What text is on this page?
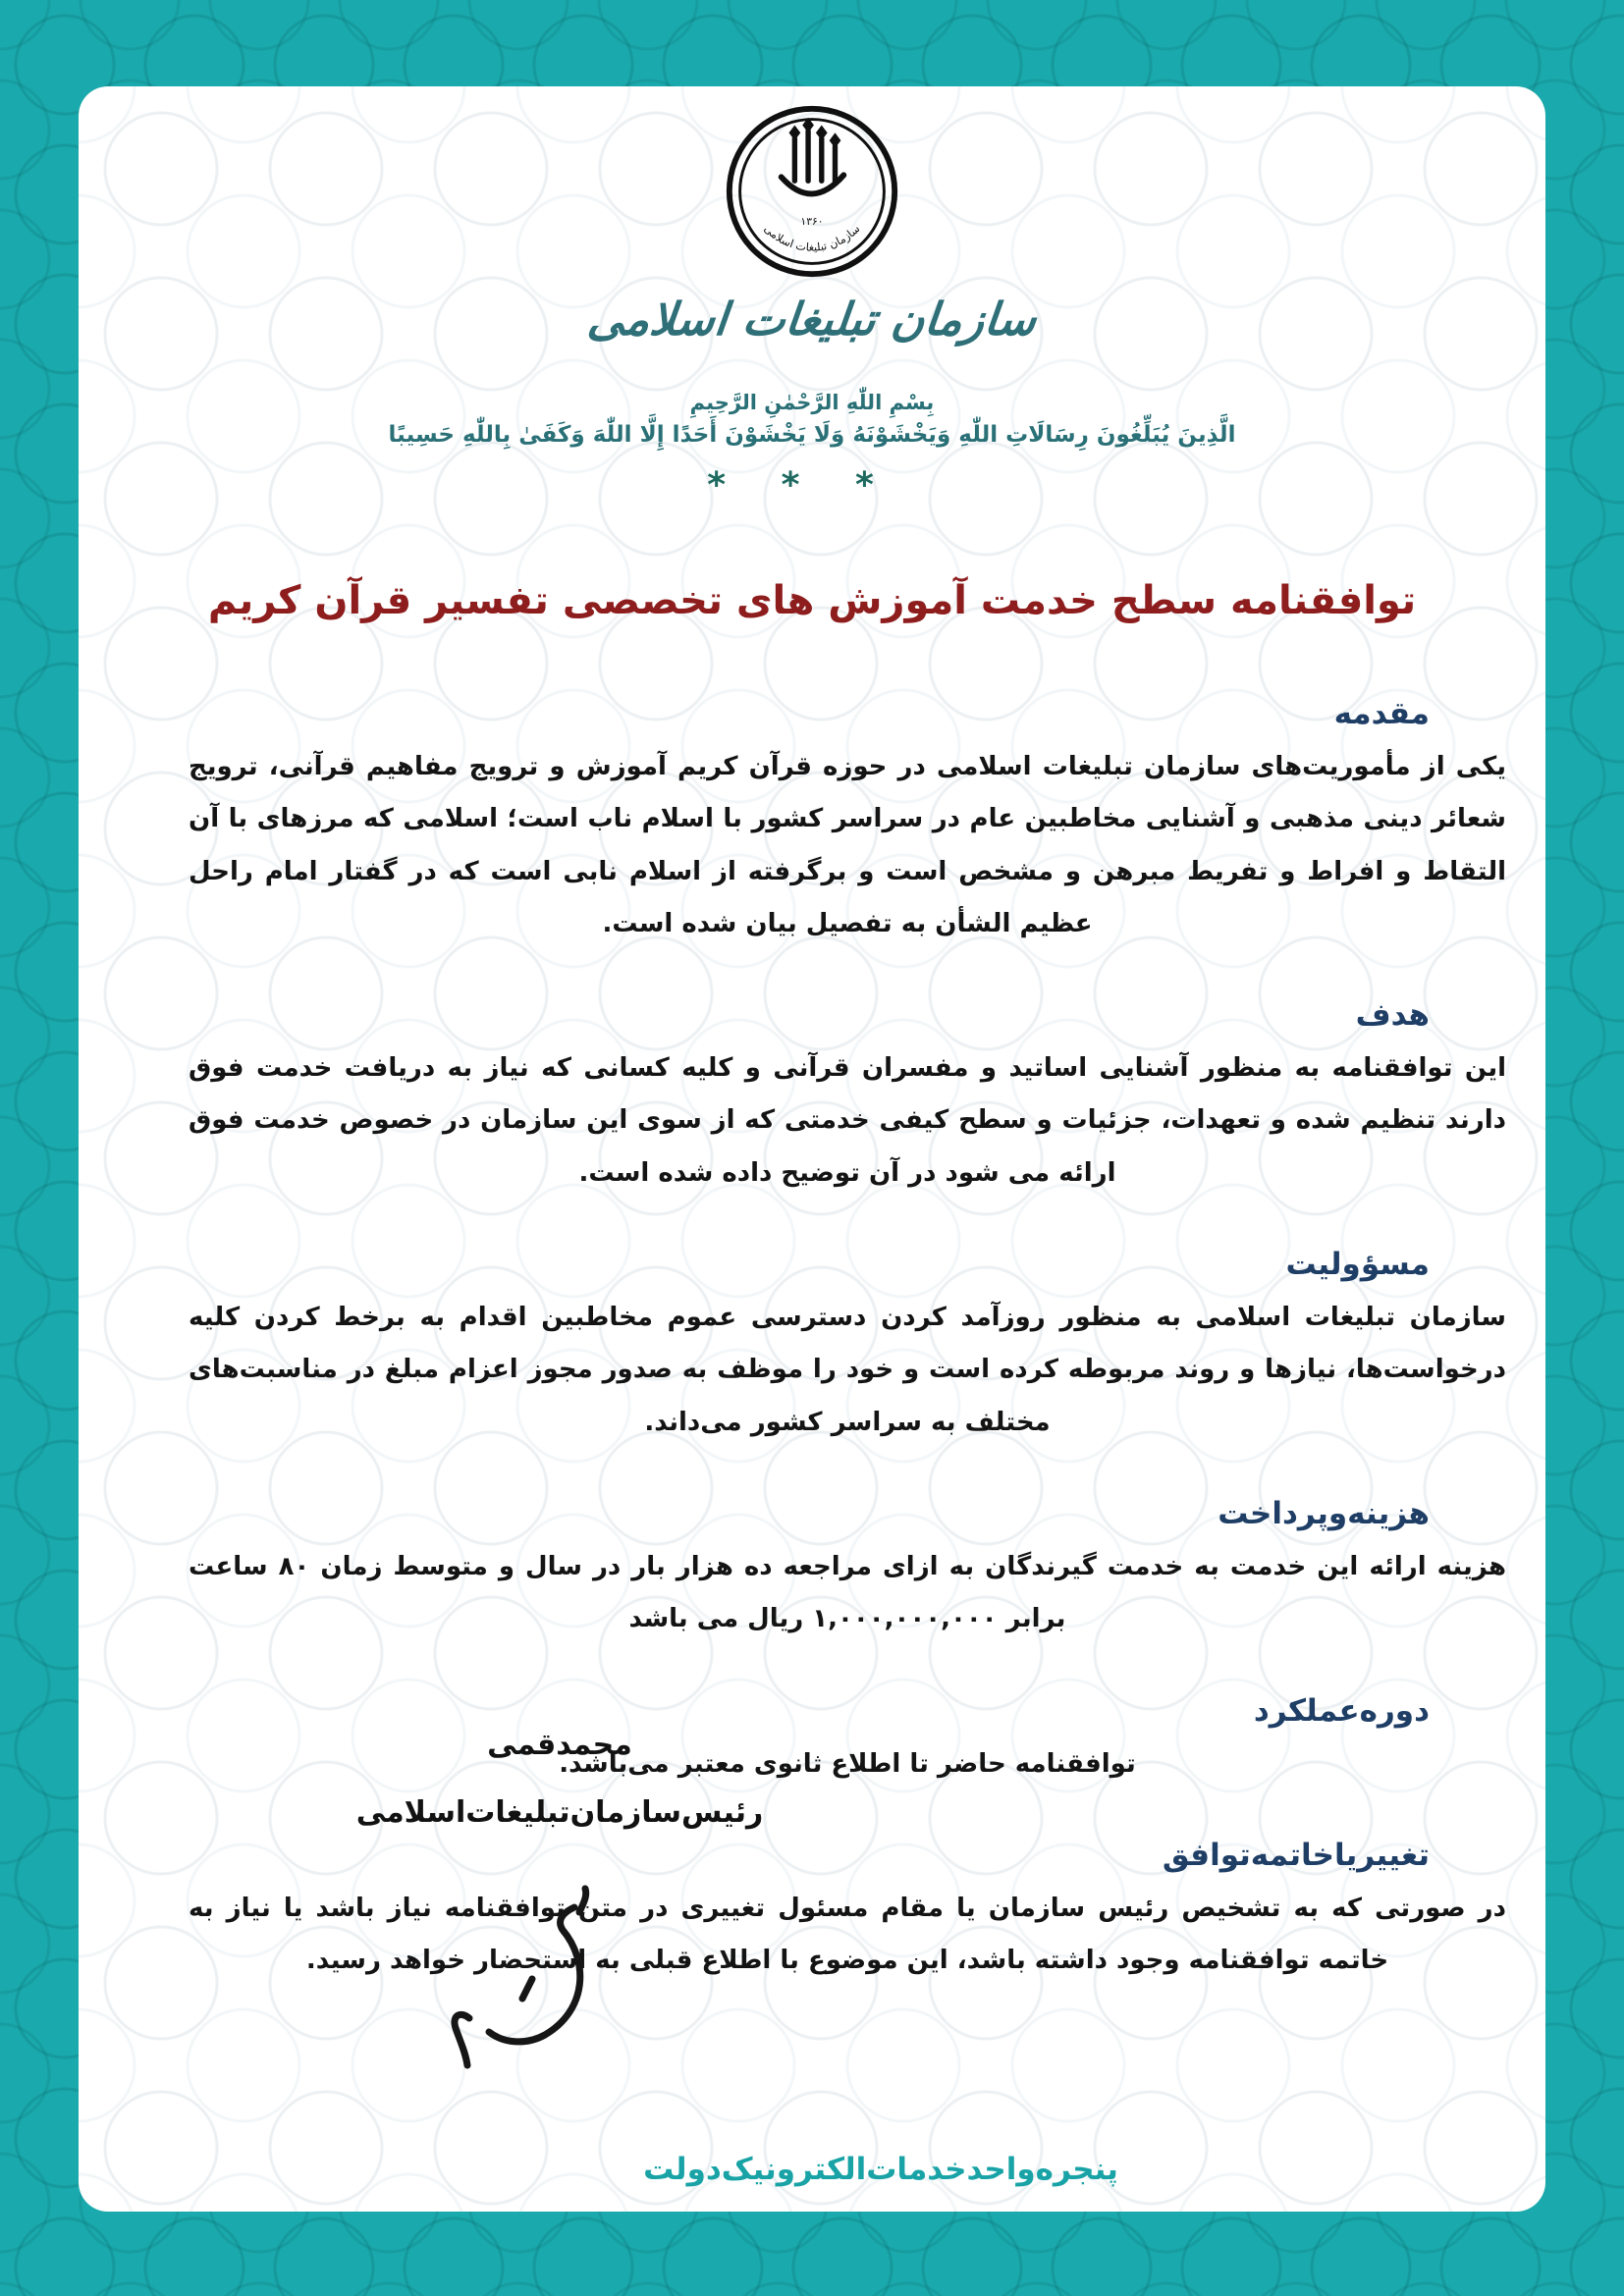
۱۳۶۰
سازمان تبلیغات اسلامی
سازمان تبلیغات اسلامی
بِسْمِ اللّٰهِ الرَّحْمٰنِ الرَّحِيمِ
الَّذِينَ يُبَلِّغُونَ رِسَالَاتِ اللّٰهِ وَيَخْشَوْنَهُ وَلَا يَخْشَوْنَ أَحَدًا إِلَّا اللّٰهَ وَكَفَىٰ بِاللّٰهِ حَسِيبًا
* * *
توافقنامه سطح خدمت آموزش های تخصصی تفسیر قرآن کریم
مقدمه
یکی از مأموریت‌های سازمان تبلیغات اسلامی در حوزه قرآن کریم آموزش و ترویج مفاهیم قرآنی، ترویج شعائر دینی مذهبی و آشنایی مخاطبین عام در سراسر کشور با اسلام ناب است؛ اسلامی که مرزهای با آن التقاط و افراط و تفریط مبرهن و مشخص است و برگرفته از اسلام نابی است که در گفتار امام راحل عظیم الشأن به تفصیل بیان شده است.
هدف
این توافقنامه به منظور آشنایی اساتید و مفسران قرآنی و کلیه کسانی که نیاز به دریافت خدمت فوق دارند تنظیم شده و تعهدات، جزئیات و سطح کیفی خدمتی که از سوی این سازمان در خصوص خدمت فوق ارائه می شود در آن توضیح داده شده است.
مسؤولیت
سازمان تبلیغات اسلامی به منظور روزآمد کردن دسترسی عموم مخاطبین اقدام به برخط کردن کلیه درخواست‌ها، نیازها و روند مربوطه کرده است و خود را موظف به صدور مجوز اعزام مبلغ در مناسبت‌های مختلف به سراسر کشور می‌داند.
هزینه‌وپرداخت
هزینه ارائه این خدمت به خدمت گیرندگان به ازای مراجعه ده هزار بار در سال و متوسط زمان ۸۰ ساعت برابر ۱,۰۰۰,۰۰۰,۰۰۰ ریال می باشد
دوره‌عملکرد
توافقنامه حاضر تا اطلاع ثانوی معتبر می‌باشد.
تغییر‌یا‌خاتمه‌توافق
در صورتی که به تشخیص رئیس سازمان یا مقام مسئول تغییری در متن توافقنامه نیاز باشد یا نیاز به خاتمه توافقنامه وجود داشته باشد، این موضوع با اطلاع قبلی به استحضار خواهد رسید.
محمدقمی
رئیس‌سازمان‌تبلیغات‌اسلامی
پنجره‌واحد‌خدمات‌الکترونیک‌دولت
